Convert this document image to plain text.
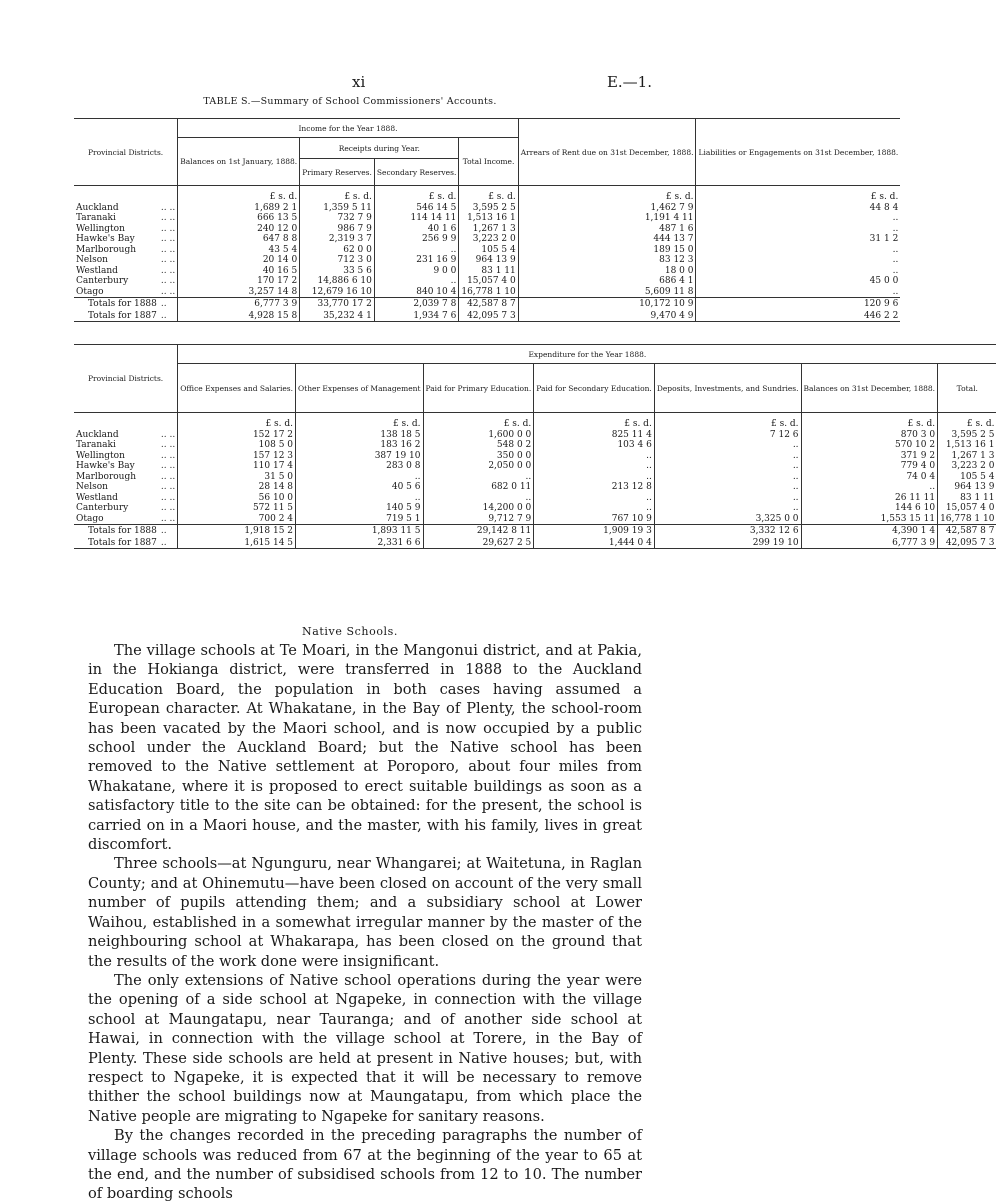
xi	E.—1.
TABLE S.—Summary of School Commissioners' Accounts.
Provincial Districts.		Income for the Year 1888.				Arrears of Rent due on 31st December, 1888.	Liabilities or Engagements on 31st December, 1888.
		Balances on 1st January, 1888.	Receipts during Year.		Total Income.		
			Primary Reserves.	Secondary Reserves.			

		£ s. d.	£ s. d.	£ s. d.	£ s. d.	£ s. d.	£ s. d.
Auckland	.. ..	1,689 2 1	1,359 5 11	546 14 5	3,595 2 5	1,462 7 9	44 8 4
Taranaki	.. ..	666 13 5	732 7 9	114 14 11	1,513 16 1	1,191 4 11	..
Wellington	.. ..	240 12 0	986 7 9	40 1 6	1,267 1 3	487 1 6	..
Hawke's Bay	.. ..	647 8 8	2,319 3 7	256 9 9	3,223 2 0	444 13 7	31 1 2
Marlborough	.. ..	43 5 4	62 0 0	..	105 5 4	189 15 0	..
Nelson	.. ..	20 14 0	712 3 0	231 16 9	964 13 9	83 12 3	..
Westland	.. ..	40 16 5	33 5 6	9 0 0	83 1 11	18 0 0	..
Canterbury	.. ..	170 17 2	14,886 6 10	..	15,057 4 0	686 4 1	45 0 0
Otago	.. ..	3,257 14 8	12,679 16 10	840 10 4	16,778 1 10	5,609 11 8	..
Totals for 1888	..	6,777 3 9	33,770 17 2	2,039 7 8	42,587 8 7	10,172 10 9	120 9 6
Totals for 1887	..	4,928 15 8	35,232 4 1	1,934 7 6	42,095 7 3	9,470 4 9	446 2 2
Provincial Districts.		Expenditure for the Year 1888.						
		Office Expenses and Salaries.	Other Expenses of Management	Paid for Primary Education.	Paid for Secondary Education.	Deposits, Investments, and Sundries.	Balances on 31st December, 1888.	Total.

		£ s. d.	£ s. d.	£ s. d.	£ s. d.	£ s. d.	£ s. d.	£ s. d.
Auckland	.. ..	152 17 2	138 18 5	1,600 0 0	825 11 4	7 12 6	870 3 0	3,595 2 5
Taranaki	.. ..	108 5 0	183 16 2	548 0 2	103 4 6	..	570 10 2	1,513 16 1
Wellington	.. ..	157 12 3	387 19 10	350 0 0	..	..	371 9 2	1,267 1 3
Hawke's Bay	.. ..	110 17 4	283 0 8	2,050 0 0	..	..	779 4 0	3,223 2 0
Marlborough	.. ..	31 5 0	..	..	..	..	74 0 4	105 5 4
Nelson	.. ..	28 14 8	40 5 6	682 0 11	213 12 8	..	..	964 13 9
Westland	.. ..	56 10 0	..	..	..	..	26 11 11	83 1 11
Canterbury	.. ..	572 11 5	140 5 9	14,200 0 0	..	..	144 6 10	15,057 4 0
Otago	.. ..	700 2 4	719 5 1	9,712 7 9	767 10 9	3,325 0 0	1,553 15 11	16,778 1 10
Totals for 1888	..	1,918 15 2	1,893 11 5	29,142 8 11	1,909 19 3	3,332 12 6	4,390 1 4	42,587 8 7
Totals for 1887	..	1,615 14 5	2,331 6 6	29,627 2 5	1,444 0 4	299 19 10	6,777 3 9	42,095 7 3
Native Schools.

The village schools at Te Moari, in the Mangonui district, and at Pakia, in the Hokianga district, were transferred in 1888 to the Auckland Education Board, the population in both cases having assumed a European character. At Whakatane, in the Bay of Plenty, the school-room has been vacated by the Maori school, and is now occupied by a public school under the Auckland Board; but the Native school has been removed to the Native settlement at Poroporo, about four miles from Whakatane, where it is proposed to erect suitable buildings as soon as a satisfactory title to the site can be obtained: for the present, the school is carried on in a Maori house, and the master, with his family, lives in great discomfort.

Three schools—at Ngunguru, near Whangarei; at Waitetuna, in Raglan County; and at Ohinemutu—have been closed on account of the very small number of pupils attending them; and a subsidiary school at Lower Waihou, established in a somewhat irregular manner by the master of the neighbouring school at Whakarapa, has been closed on the ground that the results of the work done were insignificant.

The only extensions of Native school operations during the year were the opening of a side school at Ngapeke, in connection with the village school at Maungatapu, near Tauranga; and of another side school at Hawai, in connection with the village school at Torere, in the Bay of Plenty. These side schools are held at present in Native houses; but, with respect to Ngapeke, it is expected that it will be necessary to remove thither the school buildings now at Maungatapu, from which place the Native people are migrating to Ngapeke for sanitary reasons.

By the changes recorded in the preceding paragraphs the number of village schools was reduced from 67 at the beginning of the year to 65 at the end, and the number of subsidised schools from 12 to 10. The number of boarding schools
